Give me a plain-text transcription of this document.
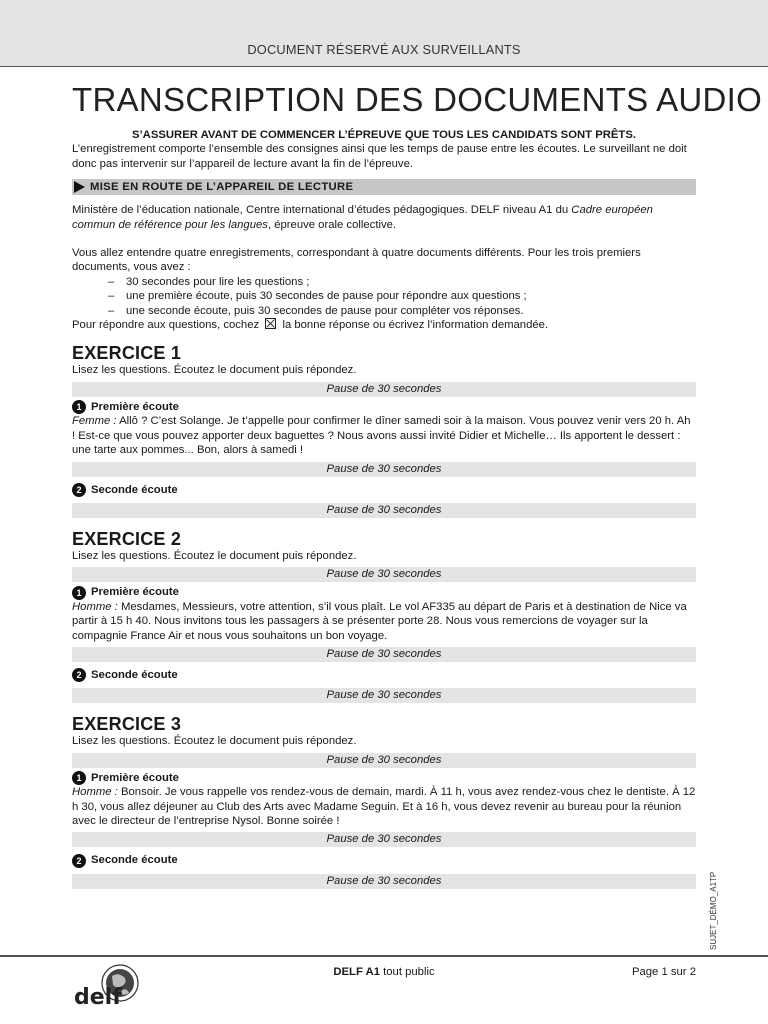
DOCUMENT RÉSERVÉ AUX SURVEILLANTS
TRANSCRIPTION DES DOCUMENTS AUDIO
S’ASSURER AVANT DE COMMENCER L’ÉPREUVE QUE TOUS LES CANDIDATS SONT PRÊTS.
L’enregistrement comporte l’ensemble des consignes ainsi que les temps de pause entre les écoutes. Le surveillant ne doit donc pas intervenir sur l’appareil de lecture avant la fin de l’épreuve.
MISE EN ROUTE DE L’APPAREIL DE LECTURE
Ministère de l’éducation nationale, Centre international d’études pédagogiques. DELF niveau A1 du Cadre européen commun de référence pour les langues, épreuve orale collective.
Vous allez entendre quatre enregistrements, correspondant à quatre documents différents. Pour les trois premiers documents, vous avez :
– 30 secondes pour lire les questions ;
– une première écoute, puis 30 secondes de pause pour répondre aux questions ;
– une seconde écoute, puis 30 secondes de pause pour compléter vos réponses.
Pour répondre aux questions, cochez la bonne réponse ou écrivez l’information demandée.
EXERCICE 1
Lisez les questions. Écoutez le document puis répondez.
Pause de 30 secondes
1 Première écoute
Femme : Allô ? C’est Solange. Je t’appelle pour confirmer le dîner samedi soir à la maison. Vous pouvez venir vers 20 h. Ah ! Est-ce que vous pouvez apporter deux baguettes ? Nous avons aussi invité Didier et Michelle… Ils apportent le dessert : une tarte aux pommes... Bon, alors à samedi !
Pause de 30 secondes
2 Seconde écoute
Pause de 30 secondes
EXERCICE 2
Lisez les questions. Écoutez le document puis répondez.
Pause de 30 secondes
1 Première écoute
Homme : Mesdames, Messieurs, votre attention, s’il vous plaît. Le vol AF335 au départ de Paris et à destination de Nice va partir à 15 h 40. Nous invitons tous les passagers à se présenter porte 28. Nous vous remercions de voyager sur la compagnie France Air et nous vous souhaitons un bon voyage.
Pause de 30 secondes
2 Seconde écoute
Pause de 30 secondes
EXERCICE 3
Lisez les questions. Écoutez le document puis répondez.
Pause de 30 secondes
1 Première écoute
Homme : Bonsoir. Je vous rappelle vos rendez-vous de demain, mardi. À 11 h, vous avez rendez-vous chez le dentiste. À 12 h 30, vous allez déjeuner au Club des Arts avec Madame Seguin. Et à 16 h, vous devez revenir au bureau pour la réunion avec le directeur de l’entreprise Nysol. Bonne soirée !
Pause de 30 secondes
2 Seconde écoute
Pause de 30 secondes	SUJET_DÉMO_A1TP
delf
DELF A1 tout public	Page 1 sur 2
